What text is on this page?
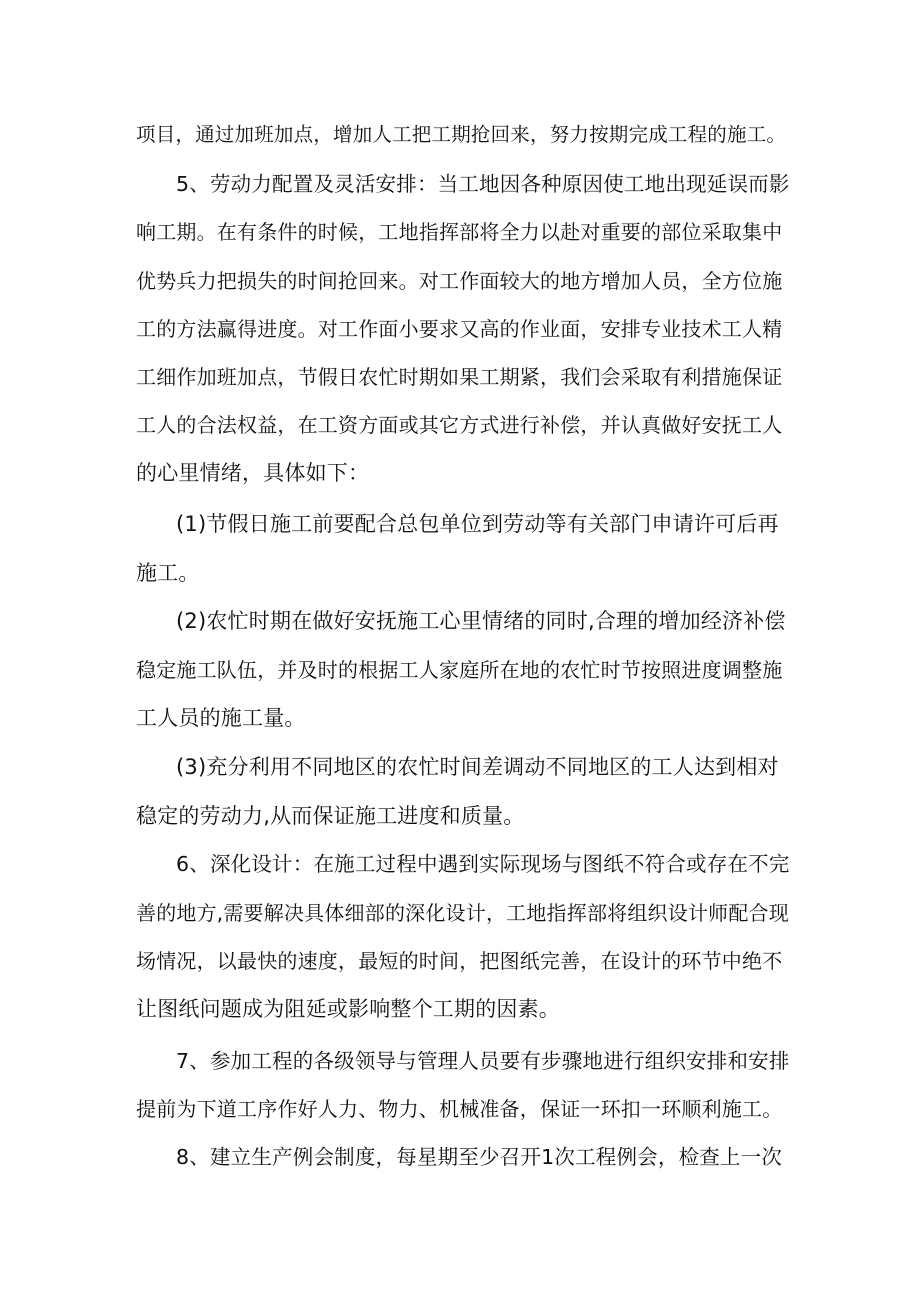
项目，通过加班加点，增加人工把工期抢回来，努力按期完成工程的施工。
5、劳动力配置及灵活安排：当工地因各种原因使工地出现延误而影
响工期。在有条件的时候，工地指挥部将全力以赴对重要的部位采取集中
优势兵力把损失的时间抢回来。对工作面较大的地方增加人员，全方位施
工的方法赢得进度。对工作面小要求又高的作业面，安排专业技术工人精
工细作加班加点，节假日农忙时期如果工期紧，我们会采取有利措施保证
工人的合法权益，在工资方面或其它方式进行补偿，并认真做好安抚工人
的心里情绪，具体如下：
(1)节假日施工前要配合总包单位到劳动等有关部门申请许可后再
施工。
(2)农忙时期在做好安抚施工心里情绪的同时,合理的增加经济补偿
稳定施工队伍，并及时的根据工人家庭所在地的农忙时节按照进度调整施
工人员的施工量。
(3)充分利用不同地区的农忙时间差调动不同地区的工人达到相对
稳定的劳动力,从而保证施工进度和质量。
6、深化设计：在施工过程中遇到实际现场与图纸不符合或存在不完
善的地方,需要解决具体细部的深化设计，工地指挥部将组织设计师配合现
场情况，以最快的速度，最短的时间，把图纸完善，在设计的环节中绝不
让图纸问题成为阻延或影响整个工期的因素。
7、参加工程的各级领导与管理人员要有步骤地进行组织安排和安排
提前为下道工序作好人力、物力、机械准备，保证一环扣一环顺利施工。
8、建立生产例会制度，每星期至少召开1次工程例会，检查上一次
